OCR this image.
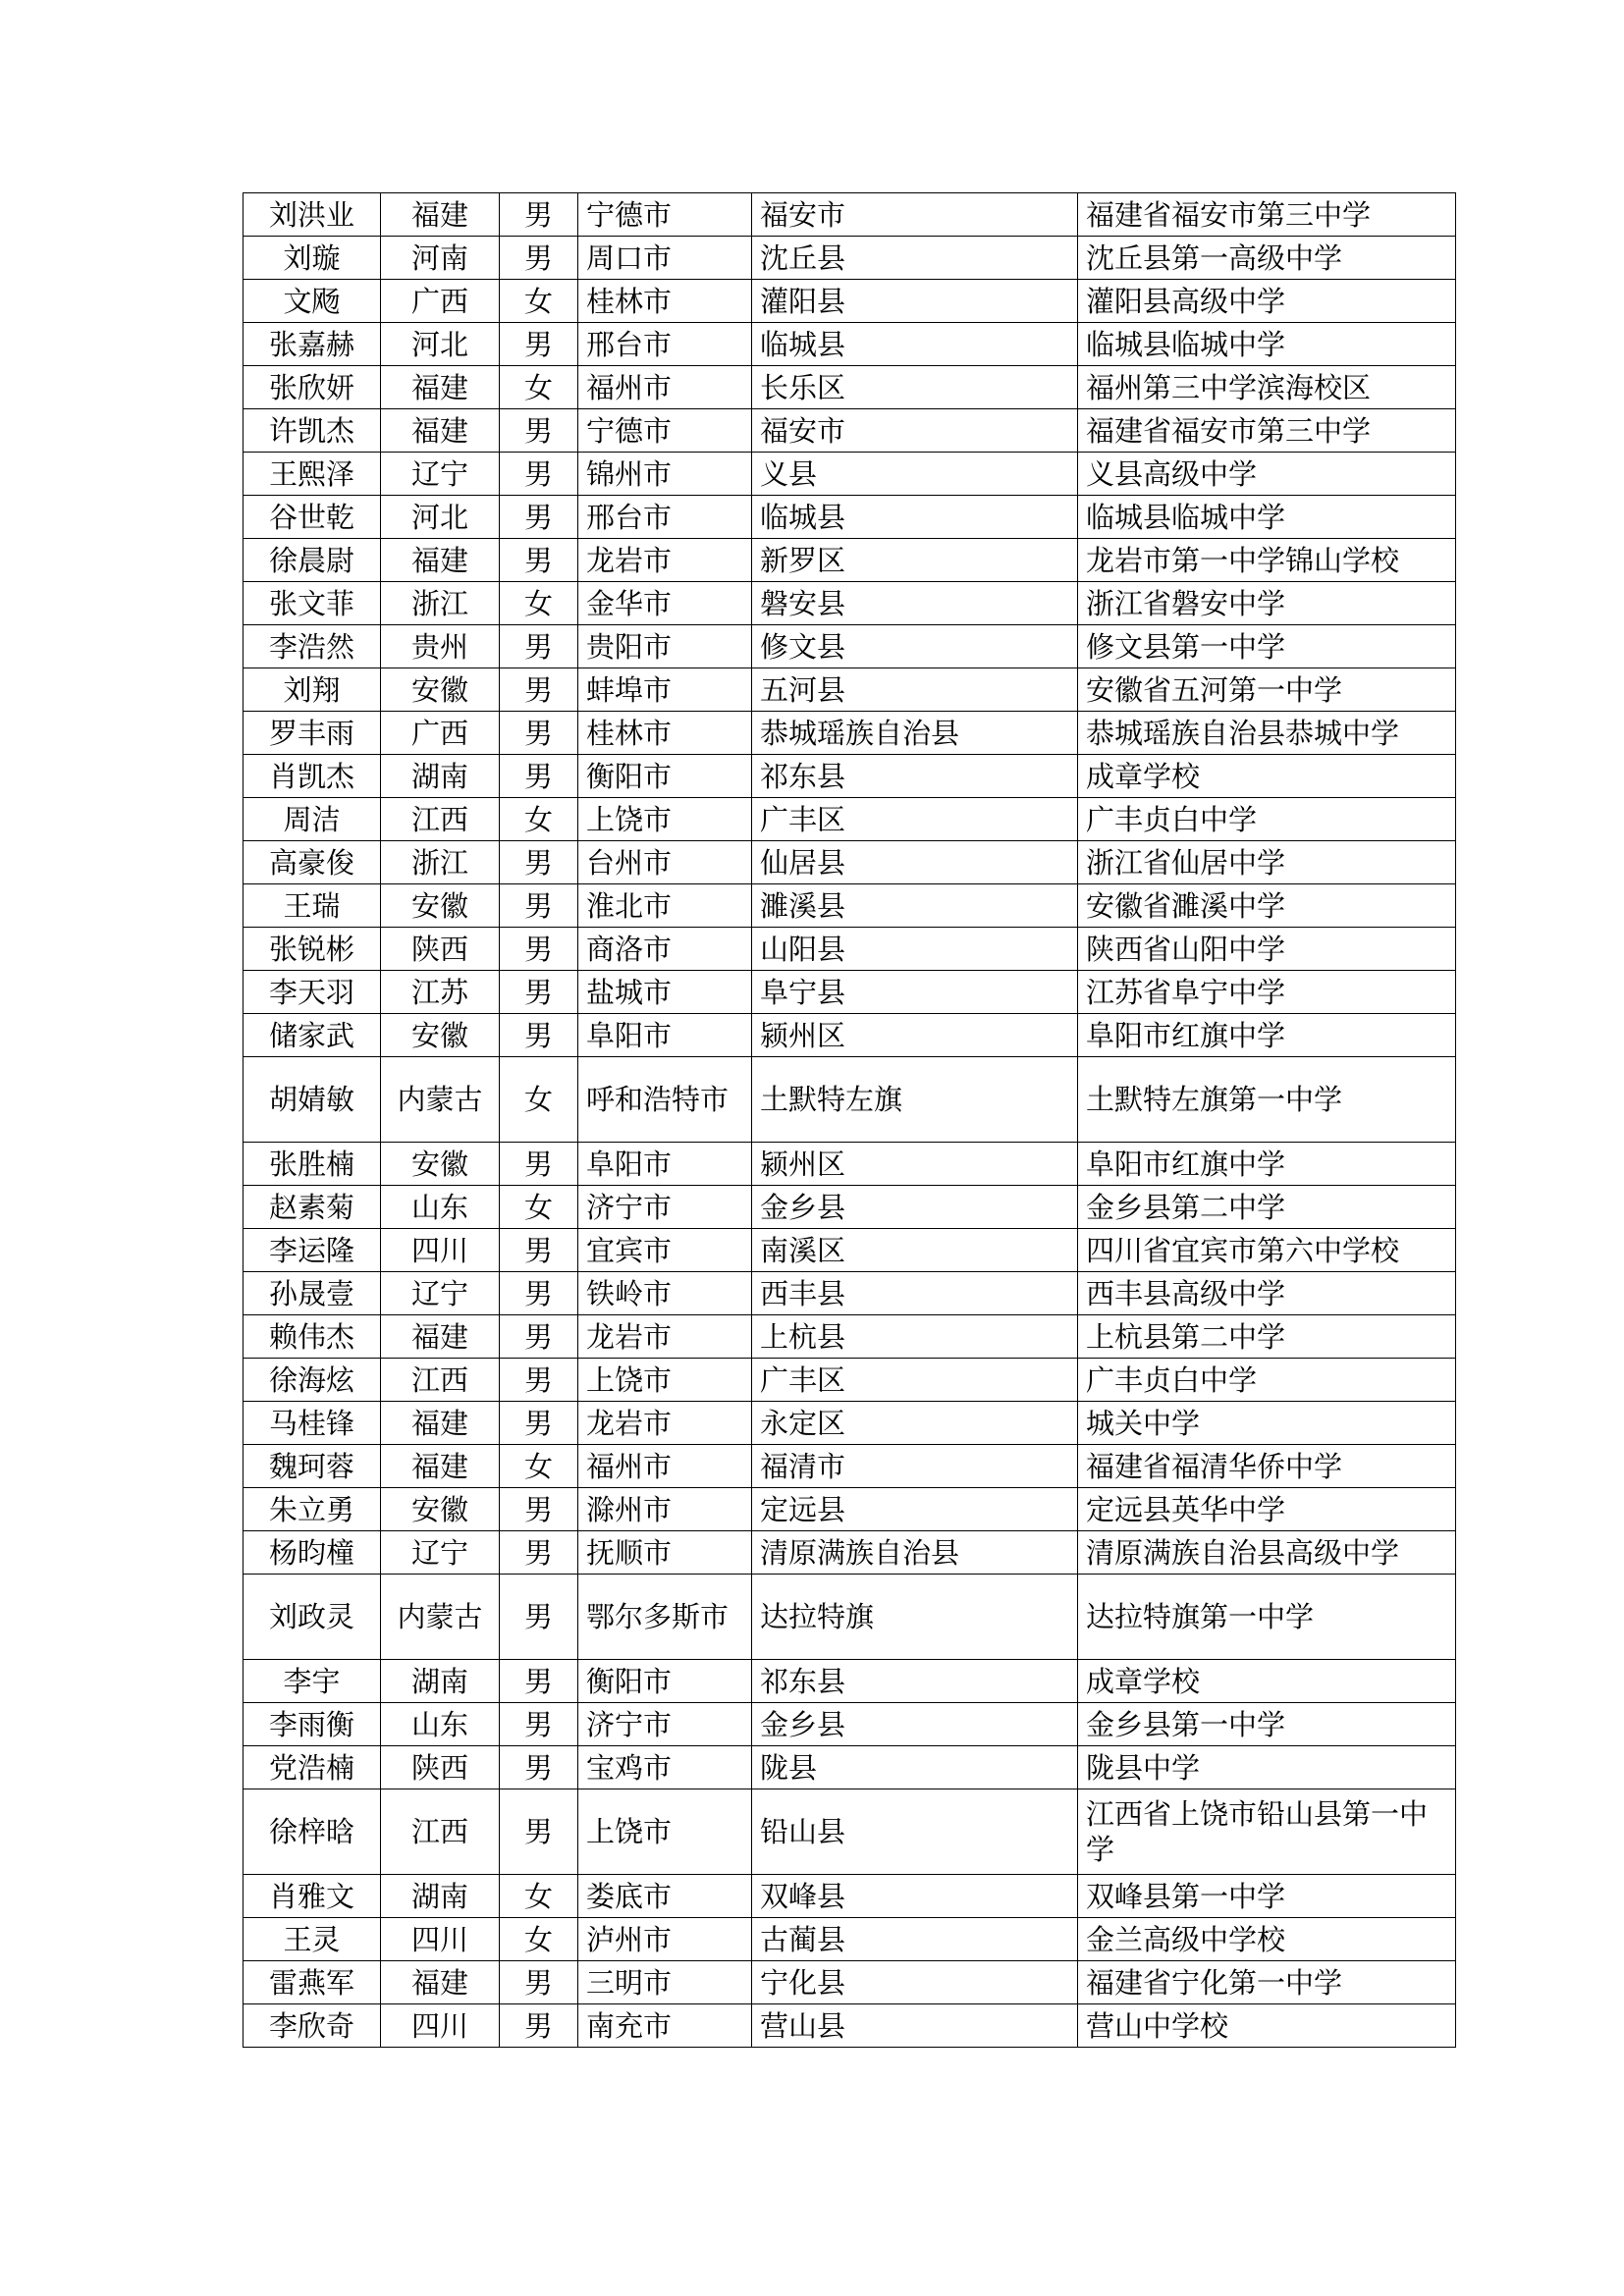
刘洪业	福建	男	宁德市	福安市	福建省福安市第三中学
刘璇	河南	男	周口市	沈丘县	沈丘县第一高级中学
文飏	广西	女	桂林市	灌阳县	灌阳县高级中学
张嘉赫	河北	男	邢台市	临城县	临城县临城中学
张欣妍	福建	女	福州市	长乐区	福州第三中学滨海校区
许凯杰	福建	男	宁德市	福安市	福建省福安市第三中学
王熙泽	辽宁	男	锦州市	义县	义县高级中学
谷世乾	河北	男	邢台市	临城县	临城县临城中学
徐晨尉	福建	男	龙岩市	新罗区	龙岩市第一中学锦山学校
张文菲	浙江	女	金华市	磐安县	浙江省磐安中学
李浩然	贵州	男	贵阳市	修文县	修文县第一中学
刘翔	安徽	男	蚌埠市	五河县	安徽省五河第一中学
罗丰雨	广西	男	桂林市	恭城瑶族自治县	恭城瑶族自治县恭城中学
肖凯杰	湖南	男	衡阳市	祁东县	成章学校
周洁	江西	女	上饶市	广丰区	广丰贞白中学
高豪俊	浙江	男	台州市	仙居县	浙江省仙居中学
王瑞	安徽	男	淮北市	濉溪县	安徽省濉溪中学
张锐彬	陕西	男	商洛市	山阳县	陕西省山阳中学
李天羽	江苏	男	盐城市	阜宁县	江苏省阜宁中学
储家武	安徽	男	阜阳市	颍州区	阜阳市红旗中学
胡婧敏	内蒙古	女	呼和浩特市	土默特左旗	土默特左旗第一中学
张胜楠	安徽	男	阜阳市	颍州区	阜阳市红旗中学
赵素菊	山东	女	济宁市	金乡县	金乡县第二中学
李运隆	四川	男	宜宾市	南溪区	四川省宜宾市第六中学校
孙晟壹	辽宁	男	铁岭市	西丰县	西丰县高级中学
赖伟杰	福建	男	龙岩市	上杭县	上杭县第二中学
徐海炫	江西	男	上饶市	广丰区	广丰贞白中学
马桂锋	福建	男	龙岩市	永定区	城关中学
魏珂蓉	福建	女	福州市	福清市	福建省福清华侨中学
朱立勇	安徽	男	滁州市	定远县	定远县英华中学
杨昀橦	辽宁	男	抚顺市	清原满族自治县	清原满族自治县高级中学
刘政灵	内蒙古	男	鄂尔多斯市	达拉特旗	达拉特旗第一中学
李宇	湖南	男	衡阳市	祁东县	成章学校
李雨衡	山东	男	济宁市	金乡县	金乡县第一中学
党浩楠	陕西	男	宝鸡市	陇县	陇县中学
徐梓晗	江西	男	上饶市	铅山县	江西省上饶市铅山县第一中学
肖雅文	湖南	女	娄底市	双峰县	双峰县第一中学
王灵	四川	女	泸州市	古蔺县	金兰高级中学校
雷燕军	福建	男	三明市	宁化县	福建省宁化第一中学
李欣奇	四川	男	南充市	营山县	营山中学校
